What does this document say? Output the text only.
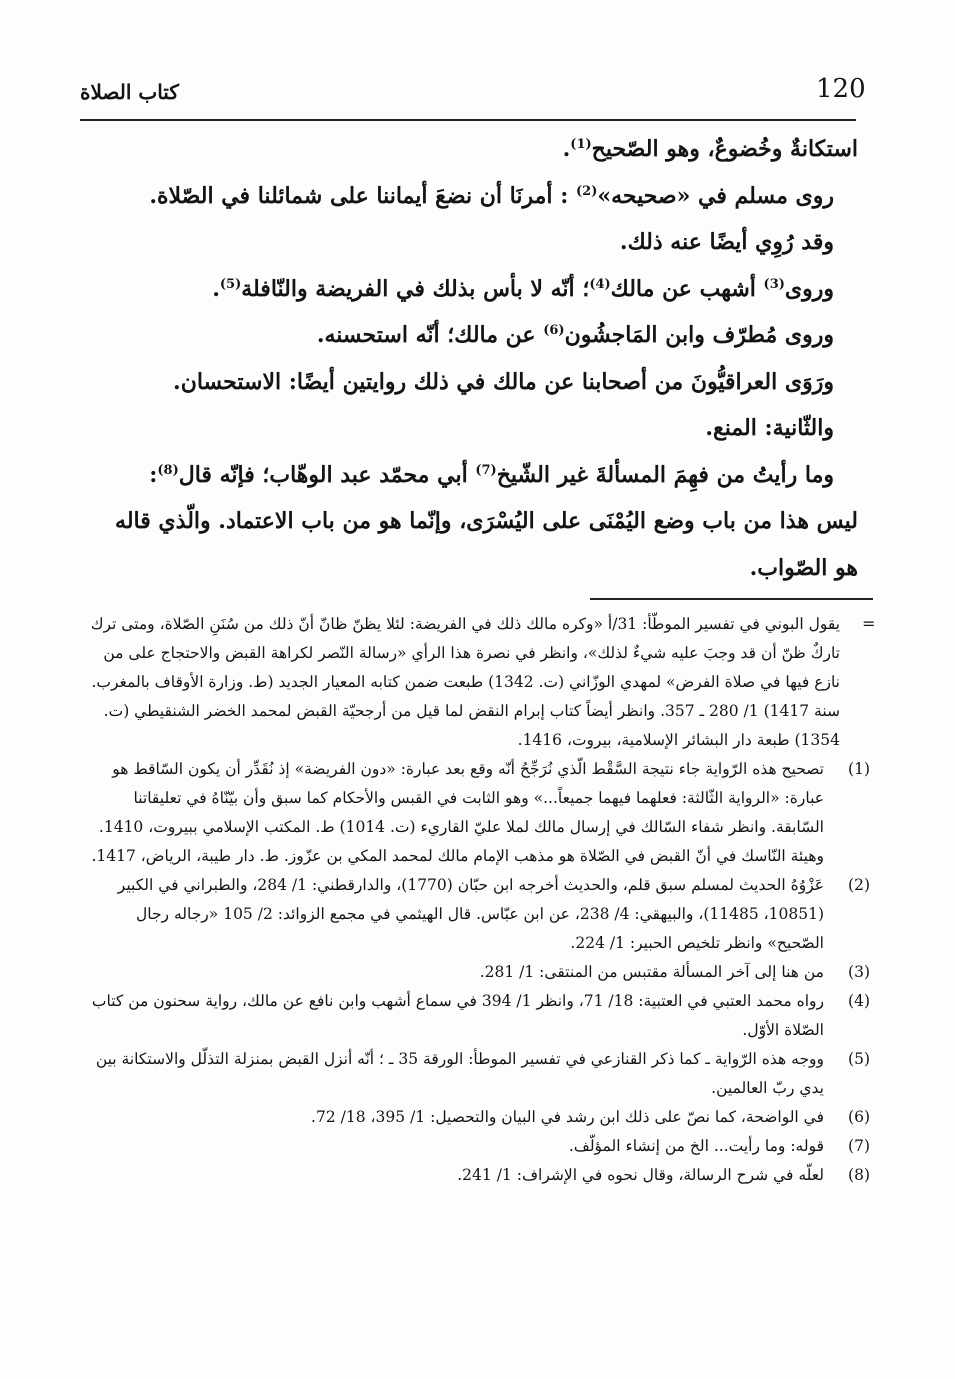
120
كتاب الصلاة

استكانةٌ وخُضوعٌ، وهو الصّحيح$^{(1)}$.

روى مسلم في «صحيحه»$^{(2)}$ : أمرنَا أن نضعَ أيماننا على شمائلنا في الصّلاة.

وقد رُوِي أيضًا عنه ذلك.

وروى$^{(3)}$ أشهب عن مالك$^{(4)}$؛ أنّه لا بأس بذلك في الفريضة والنّافلة$^{(5)}$.

وروى مُطرّف وابن المَاجشُون$^{(6)}$ عن مالك؛ أنّه استحسنه.

ورَوَى العراقيُّونَ من أصحابنا عن مالك في ذلك روايتين أيضًا: الاستحسان.

والثّانية: المنع.

وما رأيتُ من فهِمَ المسألةَ غير الشّيخ$^{(7)}$ أبي محمّد عبد الوهّاب؛ فإنّه قال$^{(8)}$:

ليس هذا من باب وضع اليُمْنَى على اليُسْرَى، وإنّما هو من باب الاعتماد. والّذي قاله هو الصّواب.

=

يقول البوني في تفسير الموطّأ: 31/أ «وكره مالك ذلك في الفريضة: لئلا يظنّ ظانّ أنّ ذلك من سُنَنِ الصّلاة، ومتى ترك تاركٌ ظنّ أن قد وجبَ عليه شيءٌ لذلك»، وانظر في نصرة هذا الرأي «رسالة النّصر لكراهة القبض والاحتجاج على من نازع فيها في صلاة الفرض» لمهدي الوزّاني (ت. 1342) طبعت ضمن كتابه المعيار الجديد (ط. وزارة الأوقاف بالمغرب. سنة 1417) 1/ 280 ـ 357. وانظر أيضاً كتاب إبرام النقض لما قيل من أرجحيّة القبض لمحمد الخضر الشنقيطي (ت. 1354) طبعة دار البشائر الإسلامية، بيروت، 1416.

(1)
تصحيح هذه الرّواية جاء نتيجة السَّقْط الّذي نُرَجِّحُ أنّه وقع بعد عبارة: «دون الفريضة» إذ نُقَدِّر أن يكون السّاقط هو عبارة: «الرواية الثّالثة: فعلهما فيهما جميعاً...» وهو الثابت في القبس والأحكام كما سبق وأن بيّنّاهُ في تعليقاتنا السّابقة. وانظر شفاء السّالك في إرسال مالك لملا عليّ القاريء (ت. 1014) ط. المكتب الإسلامي ببيروت، 1410. وهيئة النّاسك في أنّ القبض في الصّلاة هو مذهب الإمام مالك لمحمد المكي بن عزّوز. ط. دار طيبة، الرياض، 1417.

(2)
عَزْوُهُ الحديث لمسلم سبق قلم، والحديث أخرجه ابن حبّان (1770)، والدارقطني: 1/ 284، والطبراني في الكبير (10851، 11485)، والبيهقي: 4/ 238، عن ابن عبّاس. قال الهيثمي في مجمع الزوائد: 2/ 105 «رجاله رجال الصّحيح» وانظر تلخيص الحبير: 1/ 224.

(3)
من هنا إلى آخر المسألة مقتبس من المنتقى: 1/ 281.

(4)
رواه محمد العتبي في العتبية: 18/ 71، وانظر 1/ 394 في سماع أشهب وابن نافع عن مالك، رواية سحنون من كتاب الصّلاة الأوّل.

(5)
ووجه هذه الرّواية ـ كما ذكر القنازعي في تفسير الموطأ: الورقة 35 ـ ؛ أنّه أنزل القبض بمنزلة التذلّل والاستكانة بين يدي ربّ العالمين.

(6)
في الواضحة، كما نصّ على ذلك ابن رشد في البيان والتحصيل: 1/ 395، 18/ 72.

(7)
قوله: وما رأيت... الخ من إنشاء المؤلّف.

(8)
لعلّه في شرح الرسالة، وقال نحوه في الإشراف: 1/ 241.
